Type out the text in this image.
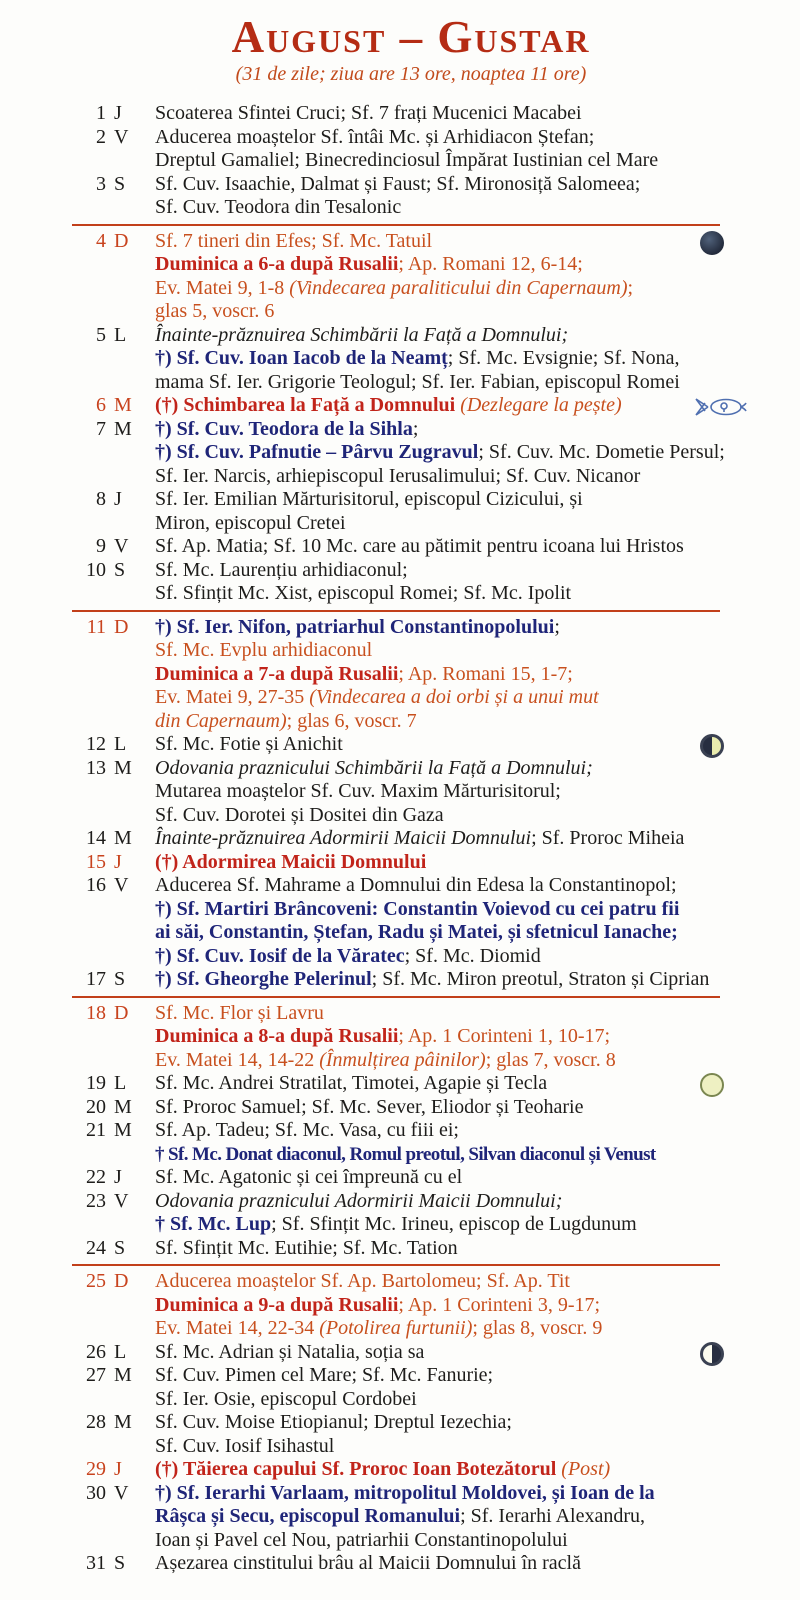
August – Gustar
(31 de zile; ziua are 13 ore, noaptea 11 ore)
1 J Scoaterea Sfintei Cruci; Sf. 7 frați Mucenici Macabei
2 V Aducerea moaștelor Sf. întâi Mc. și Arhidiacon Ștefan;
Dreptul Gamaliel; Binecredinciosul Împărat Iustinian cel Mare
3 S Sf. Cuv. Isaachie, Dalmat și Faust; Sf. Mironosiță Salomeea;
Sf. Cuv. Teodora din Tesalonic
4 D Sf. 7 tineri din Efes; Sf. Mc. Tatuil
Duminica a 6-a după Rusalii; Ap. Romani 12, 6-14;
Ev. Matei 9, 1-8 (Vindecarea paraliticului din Capernaum);
glas 5, voscr. 6
5 L Înainte-prăznuirea Schimbării la Față a Domnului;
†) Sf. Cuv. Ioan Iacob de la Neamț; Sf. Mc. Evsignie; Sf. Nona,
mama Sf. Ier. Grigorie Teologul; Sf. Ier. Fabian, episcopul Romei
6 M (†) Schimbarea la Față a Domnului (Dezlegare la pește)
7 M †) Sf. Cuv. Teodora de la Sihla;
†) Sf. Cuv. Pafnutie – Pârvu Zugravul; Sf. Cuv. Mc. Dometie Persul;
Sf. Ier. Narcis, arhiepiscopul Ierusalimului; Sf. Cuv. Nicanor
8 J Sf. Ier. Emilian Mărturisitorul, episcopul Cizicului, și
Miron, episcopul Cretei
9 V Sf. Ap. Matia; Sf. 10 Mc. care au pătimit pentru icoana lui Hristos
10 S Sf. Mc. Laurențiu arhidiaconul;
Sf. Sfințit Mc. Xist, episcopul Romei; Sf. Mc. Ipolit
11 D †) Sf. Ier. Nifon, patriarhul Constantinopolului;
Sf. Mc. Evplu arhidiaconul
Duminica a 7-a după Rusalii; Ap. Romani 15, 1-7;
Ev. Matei 9, 27-35 (Vindecarea a doi orbi și a unui mut
din Capernaum); glas 6, voscr. 7
12 L Sf. Mc. Fotie și Anichit
13 M Odovania praznicului Schimbării la Față a Domnului;
Mutarea moaștelor Sf. Cuv. Maxim Mărturisitorul;
Sf. Cuv. Dorotei și Dositei din Gaza
14 M Înainte-prăznuirea Adormirii Maicii Domnului; Sf. Proroc Miheia
15 J (†) Adormirea Maicii Domnului
16 V Aducerea Sf. Mahrame a Domnului din Edesa la Constantinopol;
†) Sf. Martiri Brâncoveni: Constantin Voievod cu cei patru fii
ai săi, Constantin, Ștefan, Radu și Matei, și sfetnicul Ianache;
†) Sf. Cuv. Iosif de la Văratec; Sf. Mc. Diomid
17 S †) Sf. Gheorghe Pelerinul; Sf. Mc. Miron preotul, Straton și Ciprian
18 D Sf. Mc. Flor și Lavru
Duminica a 8-a după Rusalii; Ap. 1 Corinteni 1, 10-17;
Ev. Matei 14, 14-22 (Înmulțirea pâinilor); glas 7, voscr. 8
19 L Sf. Mc. Andrei Stratilat, Timotei, Agapie și Tecla
20 M Sf. Proroc Samuel; Sf. Mc. Sever, Eliodor și Teoharie
21 M Sf. Ap. Tadeu; Sf. Mc. Vasa, cu fiii ei;
† Sf. Mc. Donat diaconul, Romul preotul, Silvan diaconul și Venust
22 J Sf. Mc. Agatonic și cei împreună cu el
23 V Odovania praznicului Adormirii Maicii Domnului;
† Sf. Mc. Lup; Sf. Sfințit Mc. Irineu, episcop de Lugdunum
24 S Sf. Sfințit Mc. Eutihie; Sf. Mc. Tation
25 D Aducerea moaștelor Sf. Ap. Bartolomeu; Sf. Ap. Tit
Duminica a 9-a după Rusalii; Ap. 1 Corinteni 3, 9-17;
Ev. Matei 14, 22-34 (Potolirea furtunii); glas 8, voscr. 9
26 L Sf. Mc. Adrian și Natalia, soția sa
27 M Sf. Cuv. Pimen cel Mare; Sf. Mc. Fanurie;
Sf. Ier. Osie, episcopul Cordobei
28 M Sf. Cuv. Moise Etiopianul; Dreptul Iezechia;
Sf. Cuv. Iosif Isihastul
29 J (†) Tăierea capului Sf. Proroc Ioan Botezătorul (Post)
30 V †) Sf. Ierarhi Varlaam, mitropolitul Moldovei, și Ioan de la
Râșca și Secu, episcopul Romanului; Sf. Ierarhi Alexandru,
Ioan și Pavel cel Nou, patriarhii Constantinopolului
31 S Așezarea cinstitului brâu al Maicii Domnului în raclă
